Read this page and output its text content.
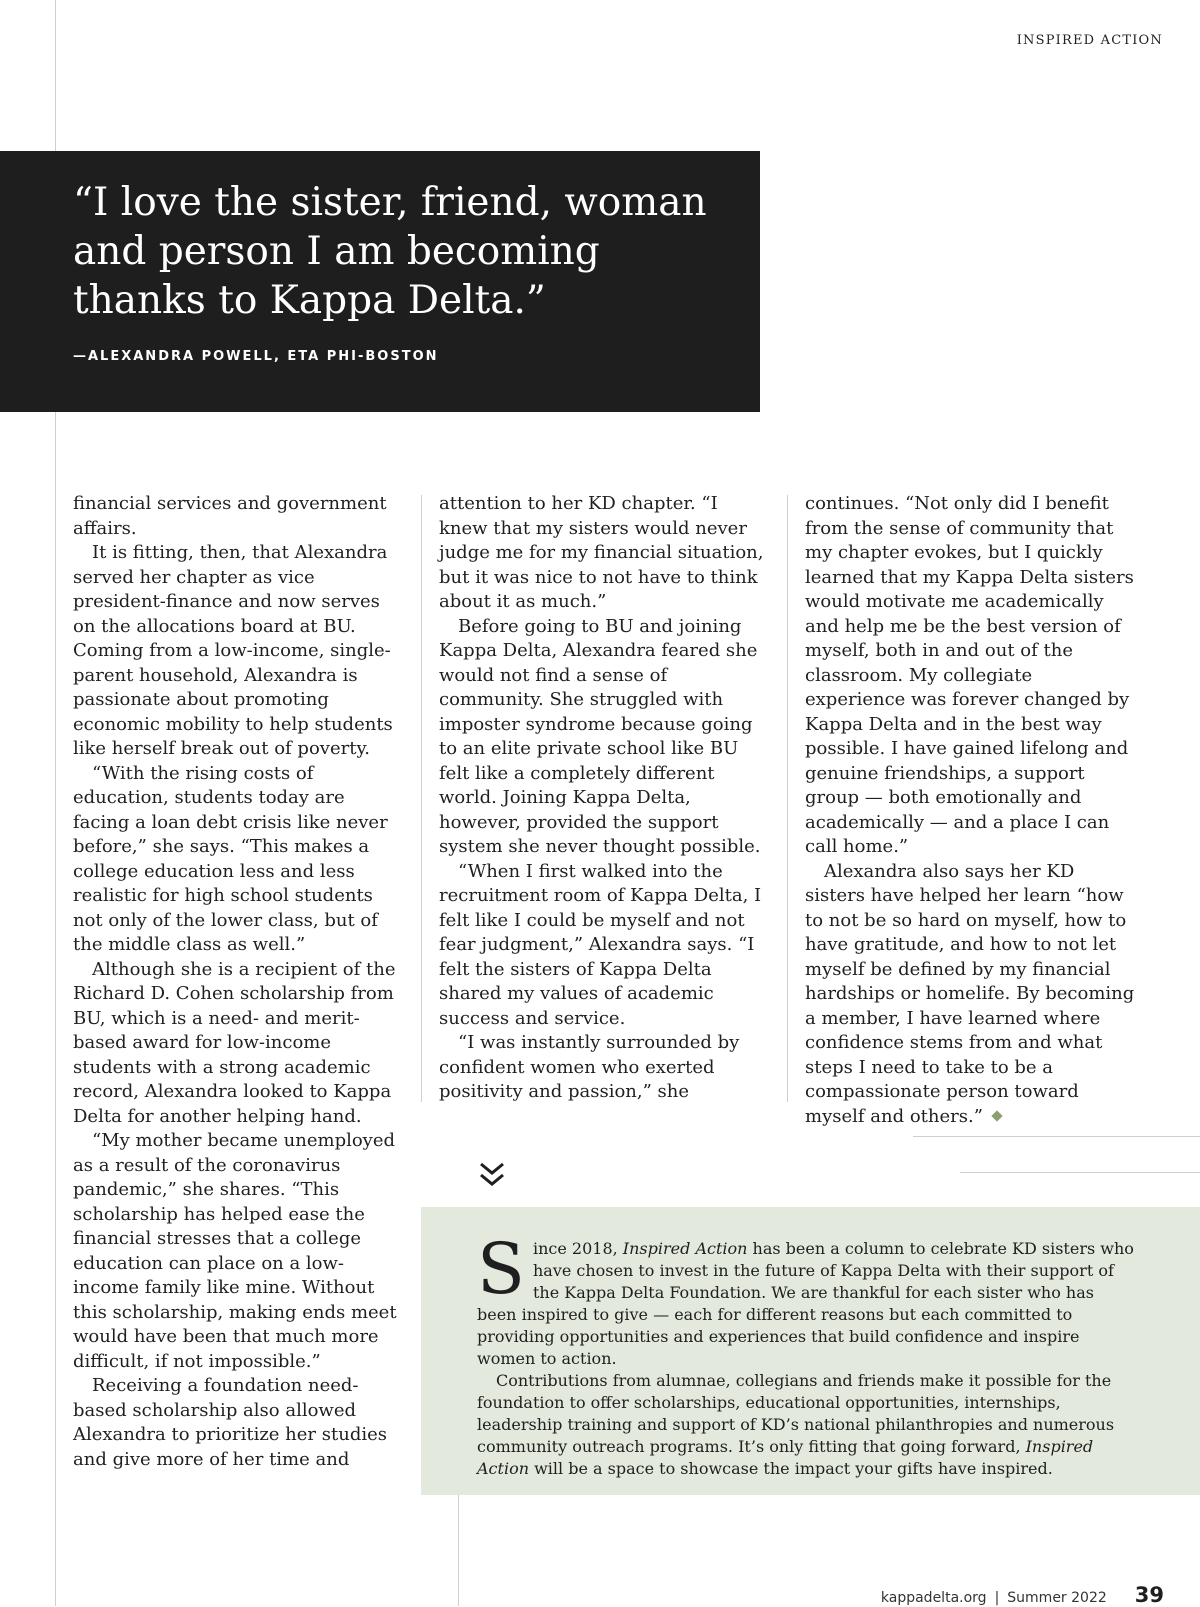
INSPIRED ACTION
“I love the sister, friend, woman and person I am becoming thanks to Kappa Delta.”
—ALEXANDRA POWELL, ETA PHI-BOSTON

financial services and government affairs.

It is fitting, then, that Alexandra served her chapter as vice president-finance and now serves on the allocations board at BU. Coming from a low-income, single-parent household, Alexandra is passionate about promoting economic mobility to help students like herself break out of poverty.

“With the rising costs of education, students today are facing a loan debt crisis like never before,” she says. “This makes a college education less and less realistic for high school students not only of the lower class, but of the middle class as well.”

Although she is a recipient of the Richard D. Cohen scholarship from BU, which is a need- and merit-based award for low-income students with a strong academic record, Alexandra looked to Kappa Delta for another helping hand.

“My mother became unemployed as a result of the coronavirus pandemic,” she shares. “This scholarship has helped ease the financial stresses that a college education can place on a low-income family like mine. Without this scholarship, making ends meet would have been that much more difficult, if not impossible.”

Receiving a foundation need-based scholarship also allowed Alexandra to prioritize her studies and give more of her time and

attention to her KD chapter. “I knew that my sisters would never judge me for my financial situation, but it was nice to not have to think about it as much.”

Before going to BU and joining Kappa Delta, Alexandra feared she would not find a sense of community. She struggled with imposter syndrome because going to an elite private school like BU felt like a completely different world. Joining Kappa Delta, however, provided the support system she never thought possible.

“When I first walked into the recruitment room of Kappa Delta, I felt like I could be myself and not fear judgment,” Alexandra says. “I felt the sisters of Kappa Delta shared my values of academic success and service.

“I was instantly surrounded by confident women who exerted positivity and passion,” she

continues. “Not only did I benefit from the sense of community that my chapter evokes, but I quickly learned that my Kappa Delta sisters would motivate me academically and help me be the best version of myself, both in and out of the classroom. My collegiate experience was forever changed by Kappa Delta and in the best way possible. I have gained lifelong and genuine friendships, a support group — both emotionally and academically — and a place I can call home.”

Alexandra also says her KD sisters have helped her learn “how to not be so hard on myself, how to have gratitude, and how to not let myself be defined by my financial hardships or homelife. By becoming a member, I have learned where confidence stems from and what steps I need to take to be a compassionate person toward myself and others.”

Since 2018, Inspired Action has been a column to celebrate KD sisters who have chosen to invest in the future of Kappa Delta with their support of the Kappa Delta Foundation. We are thankful for each sister who has been inspired to give — each for different reasons but each committed to providing opportunities and experiences that build confidence and inspire women to action.

Contributions from alumnae, collegians and friends make it possible for the foundation to offer scholarships, educational opportunities, internships, leadership training and support of KD’s national philanthropies and numerous community outreach programs. It’s only fitting that going forward, Inspired Action will be a space to showcase the impact your gifts have inspired.

kappadelta.org | Summer 2022 39
